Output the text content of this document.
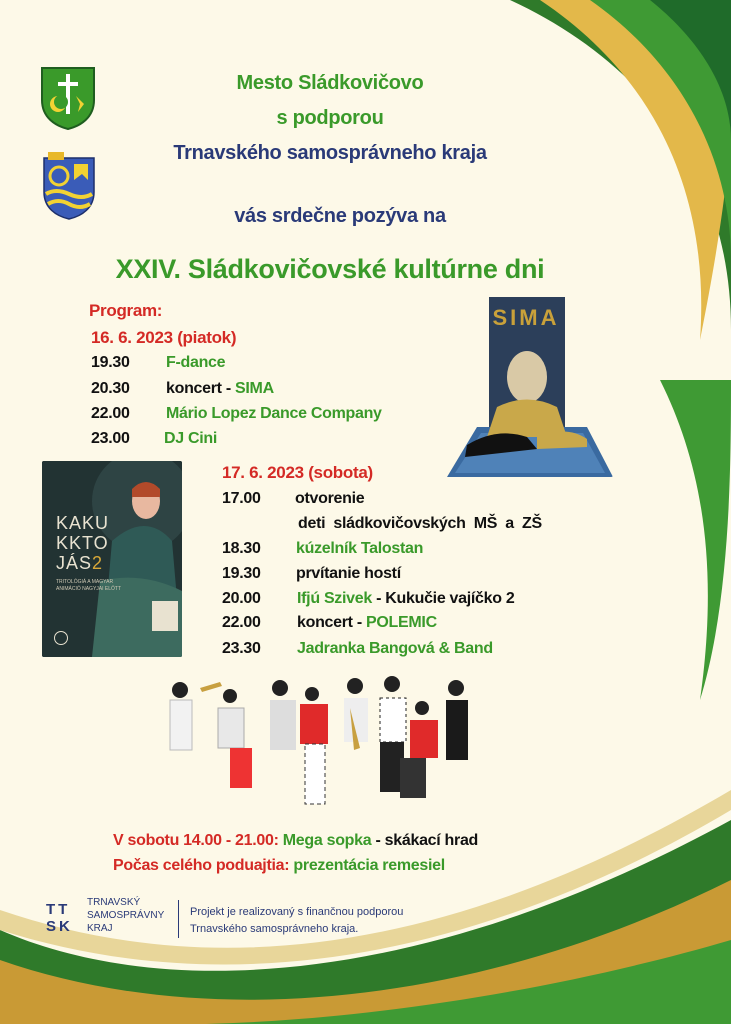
Mesto Sládkovičovo
s podporou
Trnavského samosprávneho kraja
vás srdečne pozýva na
XXIV. Sládkovičovské kultúrne dni
Program:
16. 6. 2023 (piatok)
19.30 F-dance
20.30 koncert - SIMA
22.00 Mário Lopez Dance Company
23.00 DJ Cini
SIMA
KAKU
KKTO
JÁS2
TRITOLÓGIÁ A MAGYAR ANIMÁCIÓ NAGYJAI ELŐTT
17. 6. 2023 (sobota)
17.00 otvorenie
deti sládkovičovských MŠ a ZŠ
18.30 kúzelník Talostan
19.30 prvítanie hostí
20.00 Ifjú Szivek - Kukučie vajíčko 2
22.00 koncert - POLEMIC
23.30 Jadranka Bangová & Band
V sobotu 14.00 - 21.00: Mega sopka - skákací hrad
Počas celého poduajtia: prezentácia remesiel
TT
SK
TRNAVSKÝ
SAMOSPRÁVNY
KRAJ
Projekt je realizovaný s finančnou podporou
Trnavského samosprávneho kraja.
